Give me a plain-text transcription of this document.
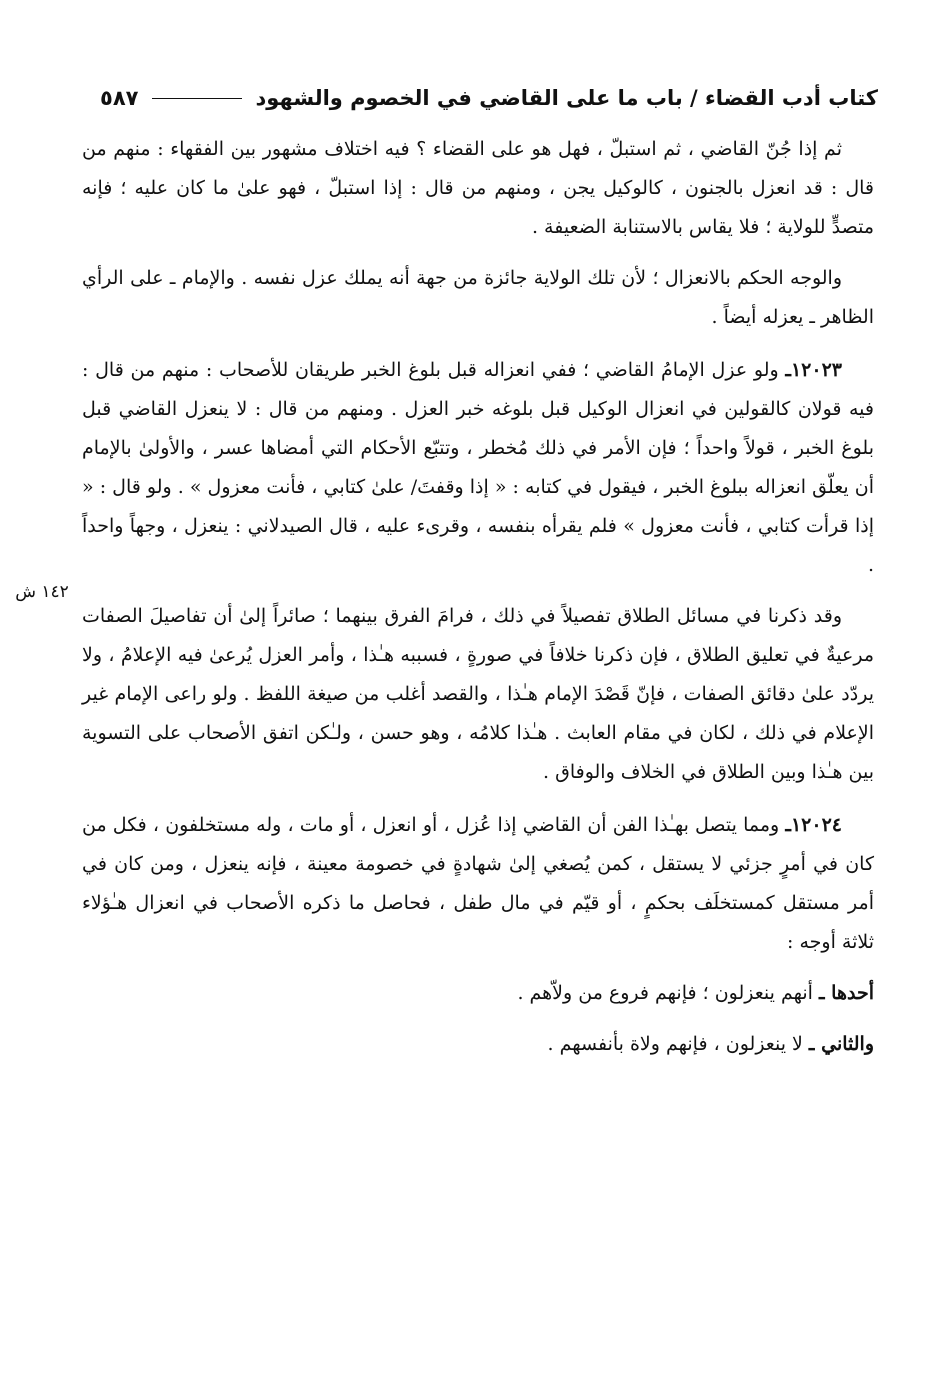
كتاب أدب القضاء / باب ما على القاضي في الخصوم والشهود
٥٨٧
١٤٢ ش

ثم إذا جُنّ القاضي ، ثم استبلّ ، فهل هو على القضاء ؟ فيه اختلاف مشهور بين الفقهاء : منهم من قال : قد انعزل بالجنون ، كالوكيل يجن ، ومنهم من قال : إذا استبلّ ، فهو علىٰ ما كان عليه ؛ فإنه متصدٍّ للولاية ؛ فلا يقاس بالاستنابة الضعيفة .

والوجه الحكم بالانعزال ؛ لأن تلك الولاية جائزة من جهة أنه يملك عزل نفسه . والإمام ـ على الرأي الظاهر ـ يعزله أيضاً .

١٢٠٢٣ـ ولو عزل الإمامُ القاضي ؛ ففي انعزاله قبل بلوغ الخبر طريقان للأصحاب : منهم من قال : فيه قولان كالقولين في انعزال الوكيل قبل بلوغه خبر العزل . ومنهم من قال : لا ينعزل القاضي قبل بلوغ الخبر ، قولاً واحداً ؛ فإن الأمر في ذلك مُخطر ، وتتبّع الأحكام التي أمضاها عسر ، والأولىٰ بالإمام أن يعلّق انعزاله ببلوغ الخبر ، فيقول في كتابه : « إذا وقفتَ/ علىٰ كتابي ، فأنت معزول » . ولو قال : « إذا قرأت كتابي ، فأنت معزول » فلم يقرأه بنفسه ، وقرىء عليه ، قال الصيدلاني : ينعزل ، وجهاً واحداً .

وقد ذكرنا في مسائل الطلاق تفصيلاً في ذلك ، فرامَ الفرق بينهما ؛ صائراً إلىٰ أن تفاصيلَ الصفات مرعيةٌ في تعليق الطلاق ، فإن ذكرنا خلافاً في صورةٍ ، فسببه هـٰذا ، وأمر العزل يُرعىٰ فيه الإعلامُ ، ولا يردّد علىٰ دقائق الصفات ، فإنّ قَصْدَ الإمام هـٰذا ، والقصد أغلب من صيغة اللفظ . ولو راعى الإمام غير الإعلام في ذلك ، لكان في مقام العابث . هـٰذا كلامُه ، وهو حسن ، ولـٰكن اتفق الأصحاب على التسوية بين هـٰذا وبين الطلاق في الخلاف والوفاق .

١٢٠٢٤ـ ومما يتصل بهـٰذا الفن أن القاضي إذا عُزل ، أو انعزل ، أو مات ، وله مستخلفون ، فكل من كان في أمرٍ جزئي لا يستقل ، كمن يُصغي إلىٰ شهادةٍ في خصومة معينة ، فإنه ينعزل ، ومن كان في أمر مستقل كمستخلَف بحكمٍ ، أو قيّم في مال طفل ، فحاصل ما ذكره الأصحاب في انعزال هـٰؤلاء ثلاثة أوجه :

أحدها ـ أنهم ينعزلون ؛ فإنهم فروع من ولاّهم .

والثاني ـ لا ينعزلون ، فإنهم ولاة بأنفسهم .
